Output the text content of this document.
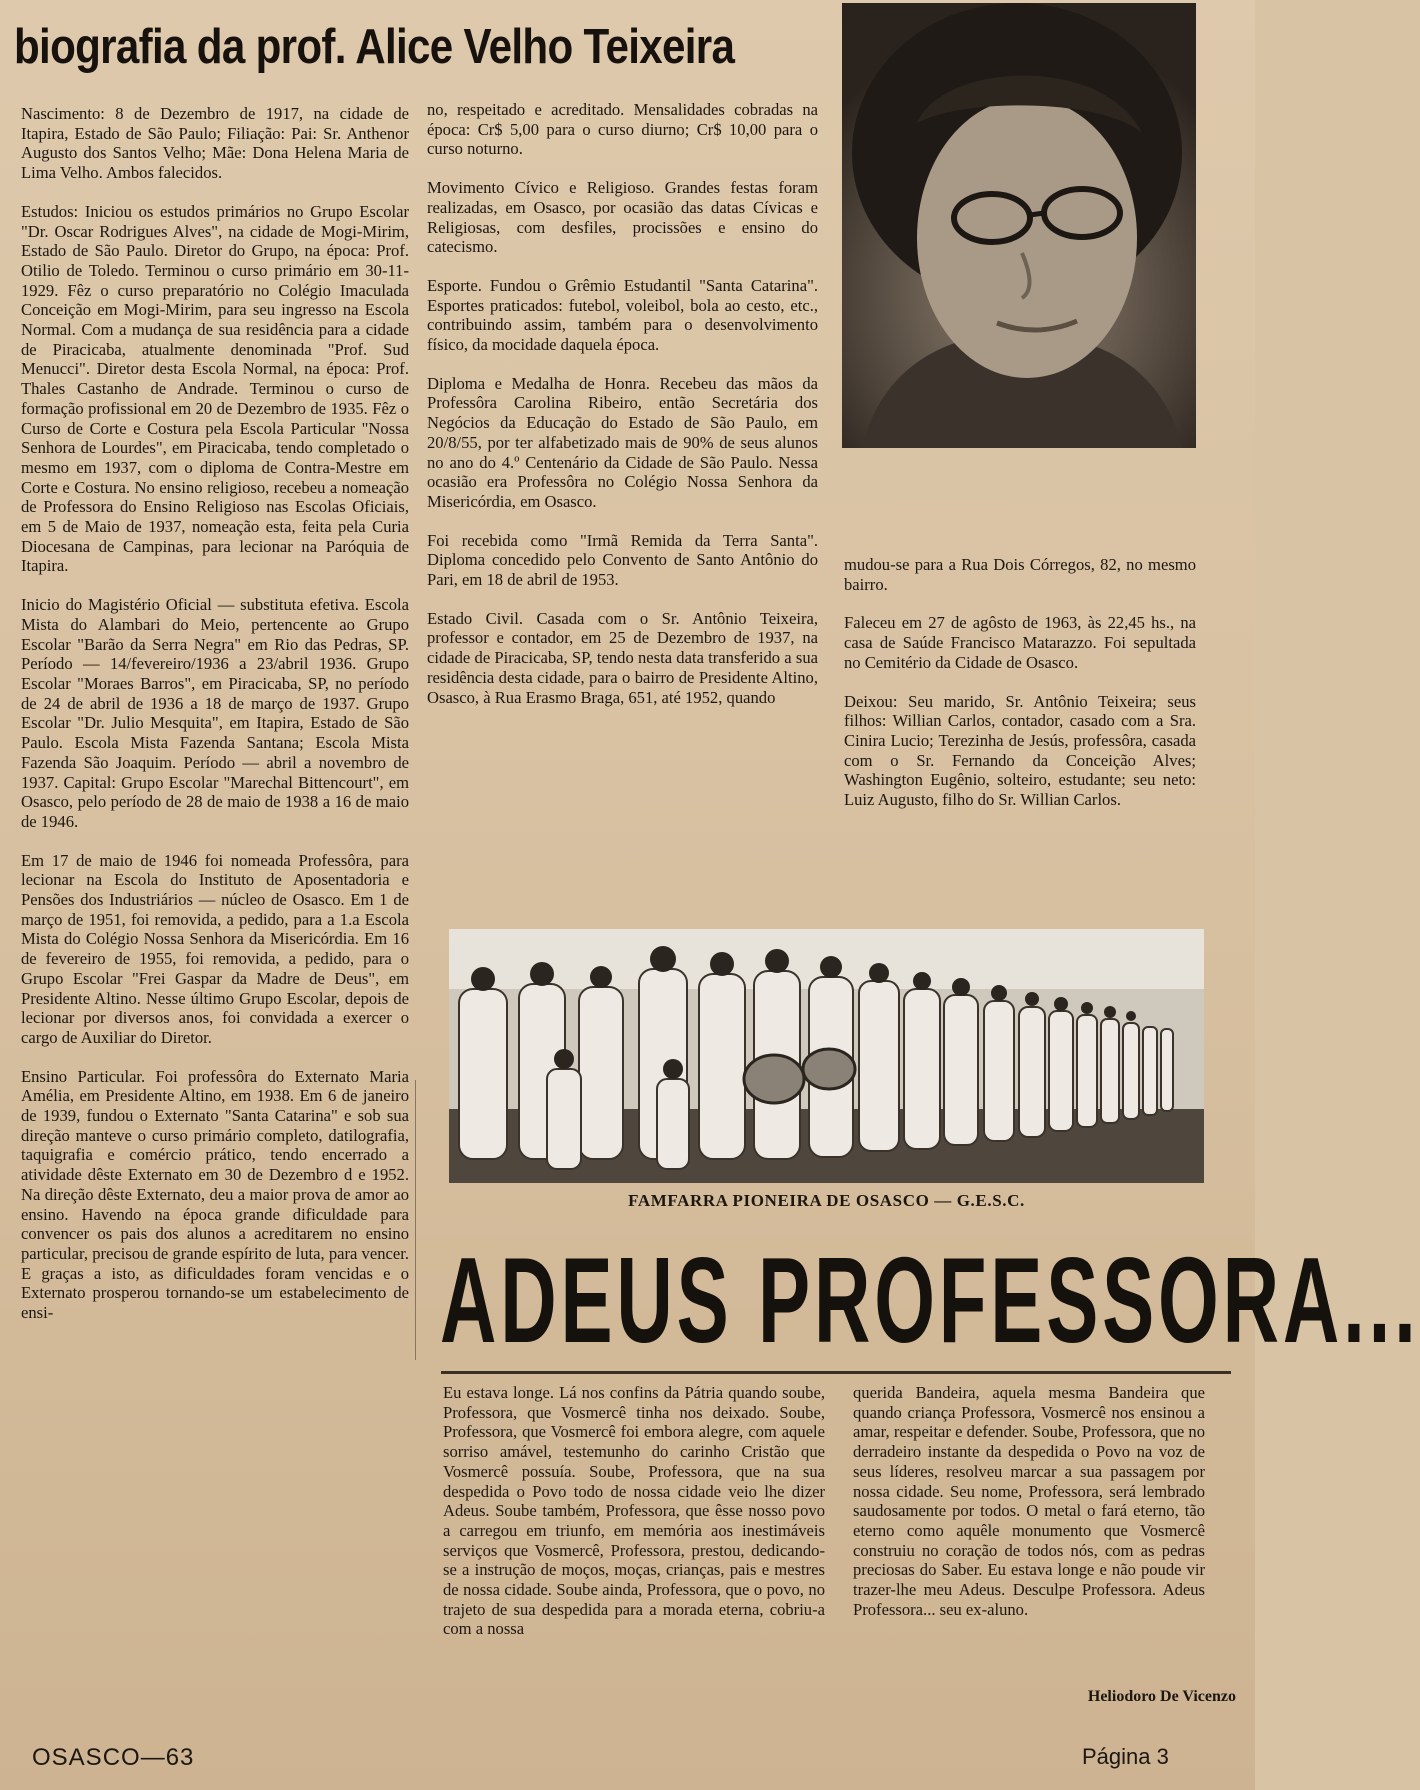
biografia da prof. Alice Velho Teixeira

Nascimento: 8 de Dezembro de 1917, na cidade de Itapira, Estado de São Paulo; Filiação: Pai: Sr. Anthenor Augusto dos Santos Velho; Mãe: Dona Helena Maria de Lima Velho. Ambos falecidos.

Estudos: Iniciou os estudos primários no Grupo Escolar "Dr. Oscar Rodrigues Alves", na cidade de Mogi-Mirim, Estado de São Paulo. Diretor do Grupo, na época: Prof. Otilio de Toledo. Terminou o curso primário em 30-11-1929. Fêz o curso preparatório no Colégio Imaculada Conceição em Mogi-Mirim, para seu ingresso na Escola Normal. Com a mudança de sua residência para a cidade de Piracicaba, atualmente denominada "Prof. Sud Menucci". Diretor desta Escola Normal, na época: Prof. Thales Castanho de Andrade. Terminou o curso de formação profissional em 20 de Dezembro de 1935. Fêz o Curso de Corte e Costura pela Escola Particular "Nossa Senhora de Lourdes", em Piracicaba, tendo completado o mesmo em 1937, com o diploma de Contra-Mestre em Corte e Costura. No ensino religioso, recebeu a nomeação de Professora do Ensino Religioso nas Escolas Oficiais, em 5 de Maio de 1937, nomeação esta, feita pela Curia Diocesana de Campinas, para lecionar na Paróquia de Itapira.

Inicio do Magistério Oficial — substituta efetiva. Escola Mista do Alambari do Meio, pertencente ao Grupo Escolar "Barão da Serra Negra" em Rio das Pedras, SP. Período — 14/fevereiro/1936 a 23/abril 1936. Grupo Escolar "Moraes Barros", em Piracicaba, SP, no período de 24 de abril de 1936 a 18 de março de 1937. Grupo Escolar "Dr. Julio Mesquita", em Itapira, Estado de São Paulo. Escola Mista Fazenda Santana; Escola Mista Fazenda São Joaquim. Período — abril a novembro de 1937. Capital: Grupo Escolar "Marechal Bittencourt", em Osasco, pelo período de 28 de maio de 1938 a 16 de maio de 1946.

Em 17 de maio de 1946 foi nomeada Professôra, para lecionar na Escola do Instituto de Aposentadoria e Pensões dos Industriários — núcleo de Osasco. Em 1 de março de 1951, foi removida, a pedido, para a 1.a Escola Mista do Colégio Nossa Senhora da Misericórdia. Em 16 de fevereiro de 1955, foi removida, a pedido, para o Grupo Escolar "Frei Gaspar da Madre de Deus", em Presidente Altino. Nesse último Grupo Escolar, depois de lecionar por diversos anos, foi convidada a exercer o cargo de Auxiliar do Diretor.

Ensino Particular. Foi professôra do Externato Maria Amélia, em Presidente Altino, em 1938. Em 6 de janeiro de 1939, fundou o Externato "Santa Catarina" e sob sua direção manteve o curso primário completo, datilografia, taquigrafia e comércio prático, tendo encerrado a atividade dêste Externato em 30 de Dezembro d e 1952. Na direção dêste Externato, deu a maior prova de amor ao ensino. Havendo na época grande dificuldade para convencer os pais dos alunos a acreditarem no ensino particular, precisou de grande espírito de luta, para vencer. E graças a isto, as dificuldades foram vencidas e o Externato prosperou tornando-se um estabelecimento de ensi-

no, respeitado e acreditado. Mensalidades cobradas na época: Cr$ 5,00 para o curso diurno; Cr$ 10,00 para o curso noturno.

Movimento Cívico e Religioso. Grandes festas foram realizadas, em Osasco, por ocasião das datas Cívicas e Religiosas, com desfiles, procissões e ensino do catecismo.

Esporte. Fundou o Grêmio Estudantil "Santa Catarina". Esportes praticados: futebol, voleibol, bola ao cesto, etc., contribuindo assim, também para o desenvolvimento físico, da mocidade daquela época.

Diploma e Medalha de Honra. Recebeu das mãos da Professôra Carolina Ribeiro, então Secretária dos Negócios da Educação do Estado de São Paulo, em 20/8/55, por ter alfabetizado mais de 90% de seus alunos no ano do 4.º Centenário da Cidade de São Paulo. Nessa ocasião era Professôra no Colégio Nossa Senhora da Misericórdia, em Osasco.

Foi recebida como "Irmã Remida da Terra Santa". Diploma concedido pelo Convento de Santo Antônio do Pari, em 18 de abril de 1953.

Estado Civil. Casada com o Sr. Antônio Teixeira, professor e contador, em 25 de Dezembro de 1937, na cidade de Piracicaba, SP, tendo nesta data transferido a sua residência desta cidade, para o bairro de Presidente Altino, Osasco, à Rua Erasmo Braga, 651, até 1952, quando

mudou-se para a Rua Dois Córregos, 82, no mesmo bairro.

Faleceu em 27 de agôsto de 1963, às 22,45 hs., na casa de Saúde Francisco Matarazzo. Foi sepultada no Cemitério da Cidade de Osasco.

Deixou: Seu marido, Sr. Antônio Teixeira; seus filhos: Willian Carlos, contador, casado com a Sra. Cinira Lucio; Terezinha de Jesús, professôra, casada com o Sr. Fernando da Conceição Alves; Washington Eugênio, solteiro, estudante; seu neto: Luiz Augusto, filho do Sr. Willian Carlos.

FAMFARRA PIONEIRA DE OSASCO — G.E.S.C.
ADEUS PROFESSORA...

Eu estava longe. Lá nos confins da Pátria quando soube, Professora, que Vosmercê tinha nos deixado. Soube, Professora, que Vosmercê foi embora alegre, com aquele sorriso amável, testemunho do carinho Cristão que Vosmercê possuía. Soube, Professora, que na sua despedida o Povo todo de nossa cidade veio lhe dizer Adeus. Soube também, Professora, que êsse nosso povo a carregou em triunfo, em memória aos inestimáveis serviços que Vosmercê, Professora, prestou, dedicando-se a instrução de moços, moças, crianças, pais e mestres de nossa cidade. Soube ainda, Professora, que o povo, no trajeto de sua despedida para a morada eterna, cobriu-a com a nossa

querida Bandeira, aquela mesma Bandeira que quando criança Professora, Vosmercê nos ensinou a amar, respeitar e defender. Soube, Professora, que no derradeiro instante da despedida o Povo na voz de seus líderes, resolveu marcar a sua passagem por nossa cidade. Seu nome, Professora, será lembrado saudosamente por todos. O metal o fará eterno, tão eterno como aquêle monumento que Vosmercê construiu no coração de todos nós, com as pedras preciosas do Saber. Eu estava longe e não poude vir trazer-lhe meu Adeus. Desculpe Professora. Adeus Professora... seu ex-aluno.

Heliodoro De Vicenzo
OSASCO—63	Página 3
